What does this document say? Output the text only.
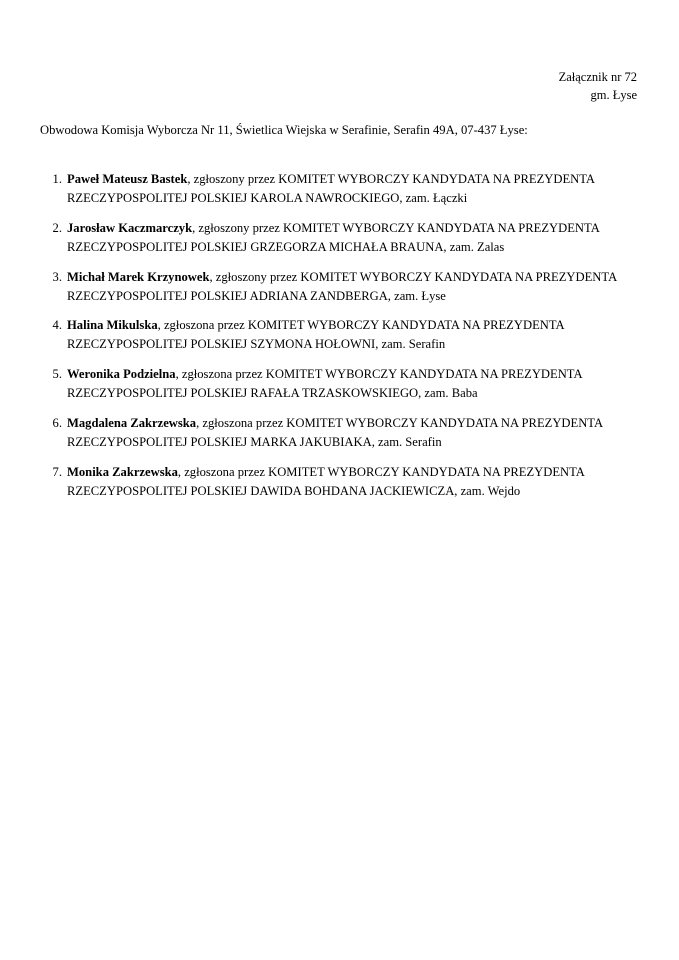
Załącznik nr 72
gm. Łyse
Obwodowa Komisja Wyborcza Nr 11, Świetlica Wiejska w Serafinie, Serafin 49A, 07-437 Łyse:
1. Paweł Mateusz Bastek, zgłoszony przez KOMITET WYBORCZY KANDYDATA NA PREZYDENTA RZECZYPOSPOLITEJ POLSKIEJ KAROLA NAWROCKIEGO, zam. Łączki
2. Jarosław Kaczmarczyk, zgłoszony przez KOMITET WYBORCZY KANDYDATA NA PREZYDENTA RZECZYPOSPOLITEJ POLSKIEJ GRZEGORZA MICHAŁA BRAUNA, zam. Zalas
3. Michał Marek Krzynowek, zgłoszony przez KOMITET WYBORCZY KANDYDATA NA PREZYDENTA RZECZYPOSPOLITEJ POLSKIEJ ADRIANA ZANDBERGA, zam. Łyse
4. Halina Mikulska, zgłoszona przez KOMITET WYBORCZY KANDYDATA NA PREZYDENTA RZECZYPOSPOLITEJ POLSKIEJ SZYMONA HOŁOWNI, zam. Serafin
5. Weronika Podzielna, zgłoszona przez KOMITET WYBORCZY KANDYDATA NA PREZYDENTA RZECZYPOSPOLITEJ POLSKIEJ RAFAŁA TRZASKOWSKIEGO, zam. Baba
6. Magdalena Zakrzewska, zgłoszona przez KOMITET WYBORCZY KANDYDATA NA PREZYDENTA RZECZYPOSPOLITEJ POLSKIEJ MARKA JAKUBIAKA, zam. Serafin
7. Monika Zakrzewska, zgłoszona przez KOMITET WYBORCZY KANDYDATA NA PREZYDENTA RZECZYPOSPOLITEJ POLSKIEJ DAWIDA BOHDANA JACKIEWICZA, zam. Wejdo
